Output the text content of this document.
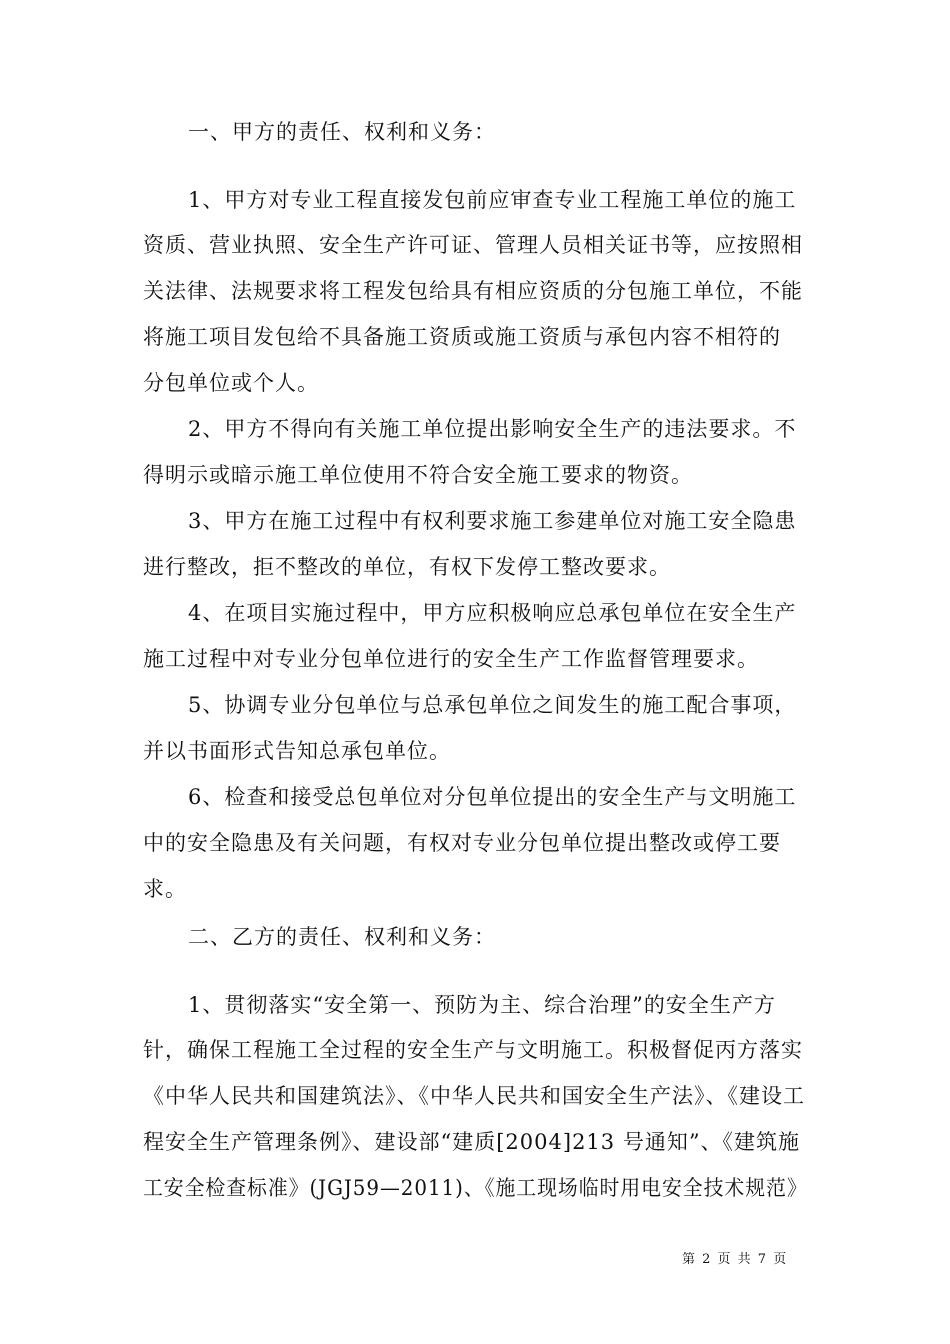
一、甲方的责任、权利和义务：
1、甲方对专业工程直接发包前应审查专业工程施工单位的施工
资质、营业执照、安全生产许可证、管理人员相关证书等，应按照相
关法律、法规要求将工程发包给具有相应资质的分包施工单位，不能
将施工项目发包给不具备施工资质或施工资质与承包内容不相符的
分包单位或个人。
2、甲方不得向有关施工单位提出影响安全生产的违法要求。不
得明示或暗示施工单位使用不符合安全施工要求的物资。
3、甲方在施工过程中有权利要求施工参建单位对施工安全隐患
进行整改，拒不整改的单位，有权下发停工整改要求。
4、在项目实施过程中，甲方应积极响应总承包单位在安全生产
施工过程中对专业分包单位进行的安全生产工作监督管理要求。
5、协调专业分包单位与总承包单位之间发生的施工配合事项，
并以书面形式告知总承包单位。
6、检查和接受总包单位对分包单位提出的安全生产与文明施工
中的安全隐患及有关问题，有权对专业分包单位提出整改或停工要
求。
二、乙方的责任、权利和义务：
1、贯彻落实“安全第一、预防为主、综合治理”的安全生产方
针，确保工程施工全过程的安全生产与文明施工。积极督促丙方落实
《中华人民共和国建筑法》、《中华人民共和国安全生产法》、《建设工
程安全生产管理条例》、建设部“建质[2004]213 号通知”、《建筑施
工安全检查标准》(JGJ59—2011)、《施工现场临时用电安全技术规范》
第 2 页 共 7 页
